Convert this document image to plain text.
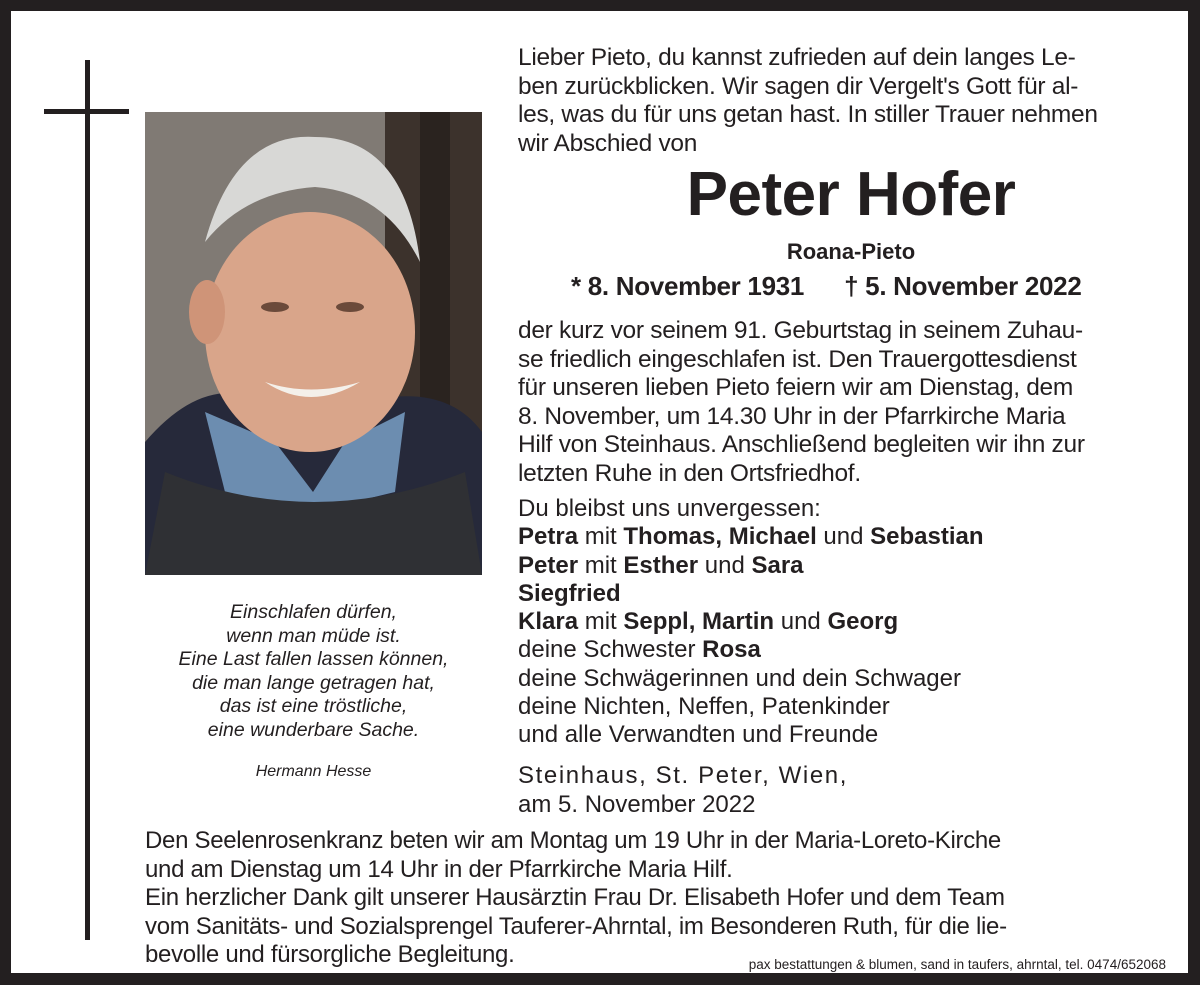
Einschlafen dürfen,
wenn man müde ist.
Eine Last fallen lassen können,
die man lange getragen hat,
das ist eine tröstliche,
eine wunderbare Sache.
Hermann Hesse
Lieber Pieto, du kannst zufrieden auf dein langes Le-
ben zurückblicken. Wir sagen dir Vergelt's Gott für al-
les, was du für uns getan hast. In stiller Trauer nehmen
wir Abschied von
Peter Hofer
Roana-Pieto
* 8. November 1931 † 5. November 2022
der kurz vor seinem 91. Geburtstag in seinem Zuhau-
se friedlich eingeschlafen ist. Den Trauergottesdienst
für unseren lieben Pieto feiern wir am Dienstag, dem
8. November, um 14.30 Uhr in der Pfarrkirche Maria
Hilf von Steinhaus. Anschließend begleiten wir ihn zur
letzten Ruhe in den Ortsfriedhof.
Du bleibst uns unvergessen:
Petra mit Thomas, Michael und Sebastian
Peter mit Esther und Sara
Siegfried
Klara mit Seppl, Martin und Georg
deine Schwester Rosa
deine Schwägerinnen und dein Schwager
deine Nichten, Neffen, Patenkinder
und alle Verwandten und Freunde
Steinhaus, St. Peter, Wien,
am 5. November 2022

Den Seelenrosenkranz beten wir am Montag um 19 Uhr in der Maria-Loreto-Kirche

und am Dienstag um 14 Uhr in der Pfarrkirche Maria Hilf.

Ein herzlicher Dank gilt unserer Hausärztin Frau Dr. Elisabeth Hofer und dem Team

vom Sanitäts- und Sozialsprengel Tauferer-Ahrntal, im Besonderen Ruth, für die lie-

bevolle und fürsorgliche Begleitung.	pax bestattungen & blumen, sand in taufers, ahrntal, tel. 0474/652068
